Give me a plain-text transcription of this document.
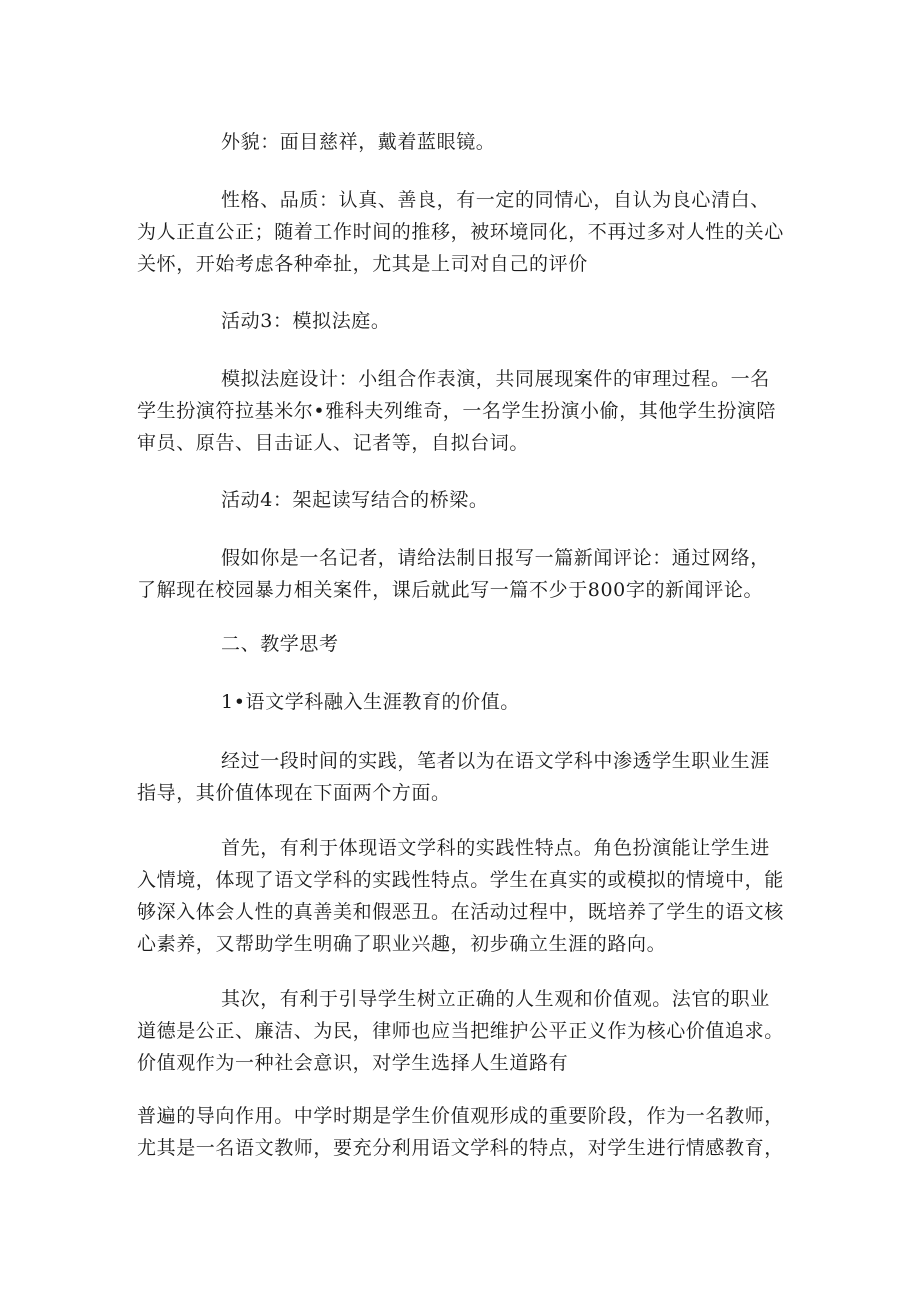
外貌：面目慈祥，戴着蓝眼镜。
性格、品质：认真、善良，有一定的同情心，自认为良心清白、
为人正直公正；随着工作时间的推移，被环境同化，不再过多对人性的关心
关怀，开始考虑各种牵扯，尤其是上司对自己的评价
活动3：模拟法庭。
模拟法庭设计：小组合作表演，共同展现案件的审理过程。一名
学生扮演符拉基米尔•雅科夫列维奇，一名学生扮演小偷，其他学生扮演陪
审员、原告、目击证人、记者等，自拟台词。
活动4：架起读写结合的桥梁。
假如你是一名记者，请给法制日报写一篇新闻评论：通过网络，
了解现在校园暴力相关案件，课后就此写一篇不少于800字的新闻评论。
二、教学思考
1•语文学科融入生涯教育的价值。
经过一段时间的实践，笔者以为在语文学科中渗透学生职业生涯
指导，其价值体现在下面两个方面。
首先，有利于体现语文学科的实践性特点。角色扮演能让学生进
入情境，体现了语文学科的实践性特点。学生在真实的或模拟的情境中，能
够深入体会人性的真善美和假恶丑。在活动过程中，既培养了学生的语文核
心素养，又帮助学生明确了职业兴趣，初步确立生涯的路向。
其次，有利于引导学生树立正确的人生观和价值观。法官的职业
道德是公正、廉洁、为民，律师也应当把维护公平正义作为核心价值追求。
价值观作为一种社会意识，对学生选择人生道路有
普遍的导向作用。中学时期是学生价值观形成的重要阶段，作为一名教师，
尤其是一名语文教师，要充分利用语文学科的特点，对学生进行情感教育，
